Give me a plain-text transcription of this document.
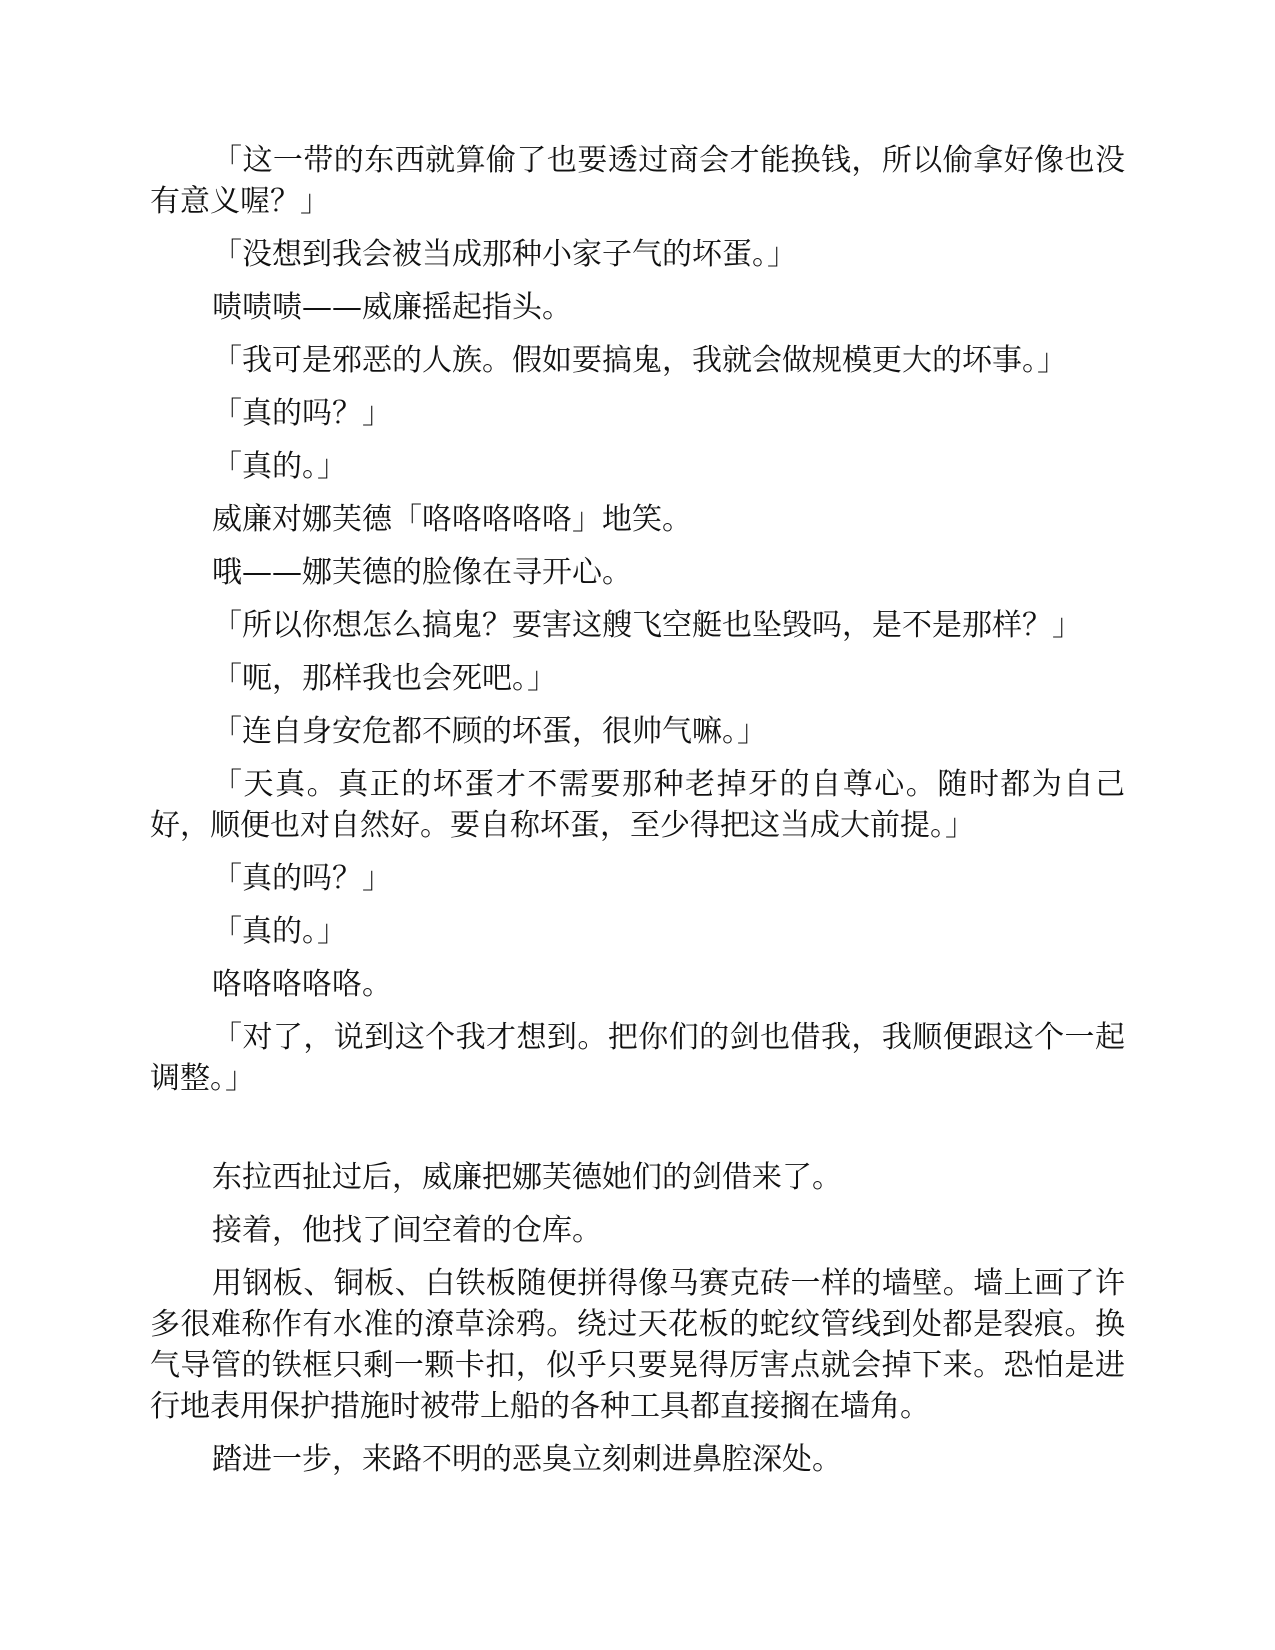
「这一带的东西就算偷了也要透过商会才能换钱，所以偷拿好像也没有意义喔？」

「没想到我会被当成那种小家子气的坏蛋。」

啧啧啧——威廉摇起指头。

「我可是邪恶的人族。假如要搞鬼，我就会做规模更大的坏事。」

「真的吗？」

「真的。」

威廉对娜芙德「咯咯咯咯咯」地笑。

哦——娜芙德的脸像在寻开心。

「所以你想怎么搞鬼？要害这艘飞空艇也坠毁吗，是不是那样？」

「呃，那样我也会死吧。」

「连自身安危都不顾的坏蛋，很帅气嘛。」

「天真。真正的坏蛋才不需要那种老掉牙的自尊心。随时都为自己好，顺便也对自然好。要自称坏蛋，至少得把这当成大前提。」

「真的吗？」

「真的。」

咯咯咯咯咯。

「对了，说到这个我才想到。把你们的剑也借我，我顺便跟这个一起调整。」

东拉西扯过后，威廉把娜芙德她们的剑借来了。

接着，他找了间空着的仓库。

用钢板、铜板、白铁板随便拼得像马赛克砖一样的墙壁。墙上画了许多很难称作有水准的潦草涂鸦。绕过天花板的蛇纹管线到处都是裂痕。换气导管的铁框只剩一颗卡扣，似乎只要晃得厉害点就会掉下来。恐怕是进行地表用保护措施时被带上船的各种工具都直接搁在墙角。

踏进一步，来路不明的恶臭立刻刺进鼻腔深处。
